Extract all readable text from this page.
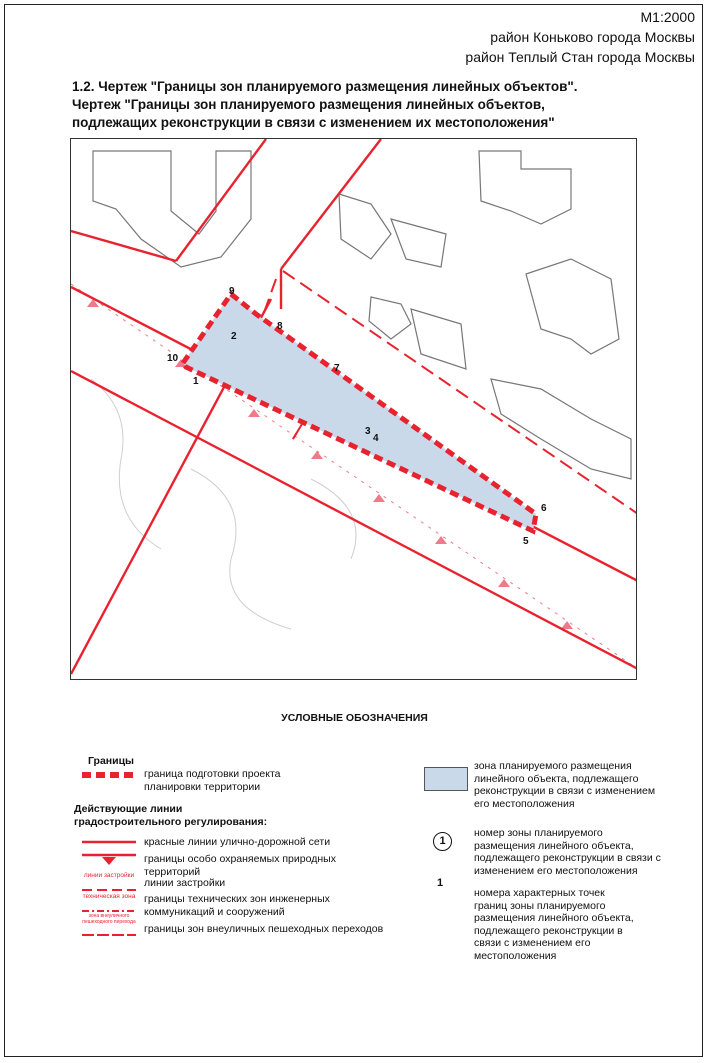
М1:2000
район Коньково города Москвы
район Теплый Стан города Москвы
1.2. Чертеж "Границы зон планируемого размещения линейных объектов".
Чертеж "Границы зон планируемого размещения линейных объектов,
подлежащих реконструкции в связи с изменением их местоположения"
1
2
3
4
5
6
7
8
9
10
УСЛОВНЫЕ ОБОЗНАЧЕНИЯ
Границы
граница подготовки проекта
планировки территории
Действующие линии
градостроительного регулирования:
красные линии улично-дорожной сети
границы особо охраняемых природных
территорий
линии застройки
линии застройки
техническая зона границы технических зон инженерных
коммуникаций и сооружений
зона внеуличного
пешеходного перехода
границы зон внеуличных пешеходных переходов
зона планируемого размещения
линейного объекта, подлежащего
реконструкции в связи с изменением
его местоположения
1
номер зоны планируемого
размещения линейного объекта,
подлежащего реконструкции в связи с
изменением его местоположения
1
номера характерных точек
границ зоны планируемого
размещения линейного объекта,
подлежащего реконструкции в
связи с изменением его
местоположения
